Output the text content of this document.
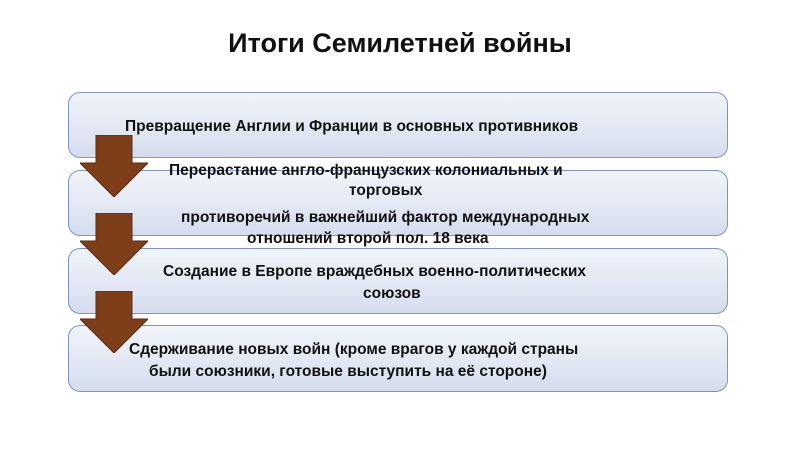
Итоги Семилетней войны
Превращение Англии и Франции в основных противников
Перерастание англо-французских колониальных и
торговых
противоречий в важнейший фактор международных
отношений второй пол. 18 века
Создание в Европе враждебных военно-политических
союзов
Сдерживание новых войн (кроме врагов у каждой страны
были союзники, готовые выступить на её стороне)
